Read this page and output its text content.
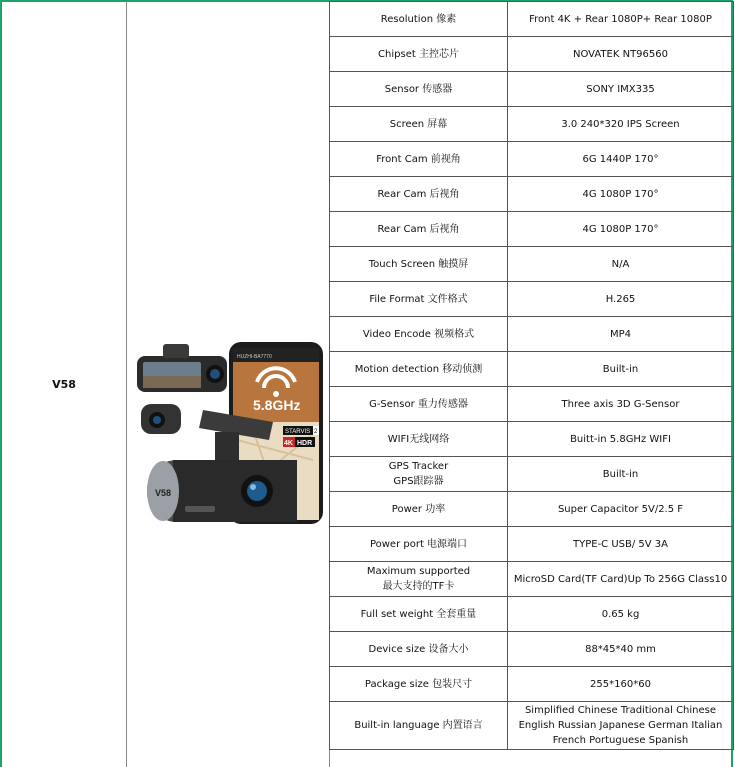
V58
HUZHI-BA7770
5.8GHz
STARVIS 2
4K HDR
V58
Resolution 像素	Front 4K + Rear 1080P+ Rear 1080P
Chipset 主控芯片	NOVATEK NT96560
Sensor 传感器	SONY IMX335
Screen 屏幕	3.0 240*320 IPS Screen
Front Cam 前视角	6G 1440P 170°
Rear Cam 后视角	4G 1080P 170°
Rear Cam 后视角	4G 1080P 170°
Touch Screen 触摸屏	N/A
File Format 文件格式	H.265
Video Encode 视频格式	MP4
Motion detection 移动侦测	Built-in
G-Sensor 重力传感器	Three axis 3D G-Sensor
WIFI无线网络	Buitt-in 5.8GHz WIFI

GPS Tracker
GPS跟踪器	Built-in
Power 功率	Super Capacitor 5V/2.5 F
Power port 电源端口	TYPE-C USB/ 5V 3A

Maximum supported
最大支持的TF卡	MicroSD Card(TF Card)Up To 256G Class10
Full set weight 全套重量	0.65 kg
Device size 设备大小	88*45*40 mm
Package size 包装尺寸	255*160*60
Built-in language 内置语言	Simplified Chinese Traditional Chinese
English Russian Japanese German Italian
French Portuguese Spanish
